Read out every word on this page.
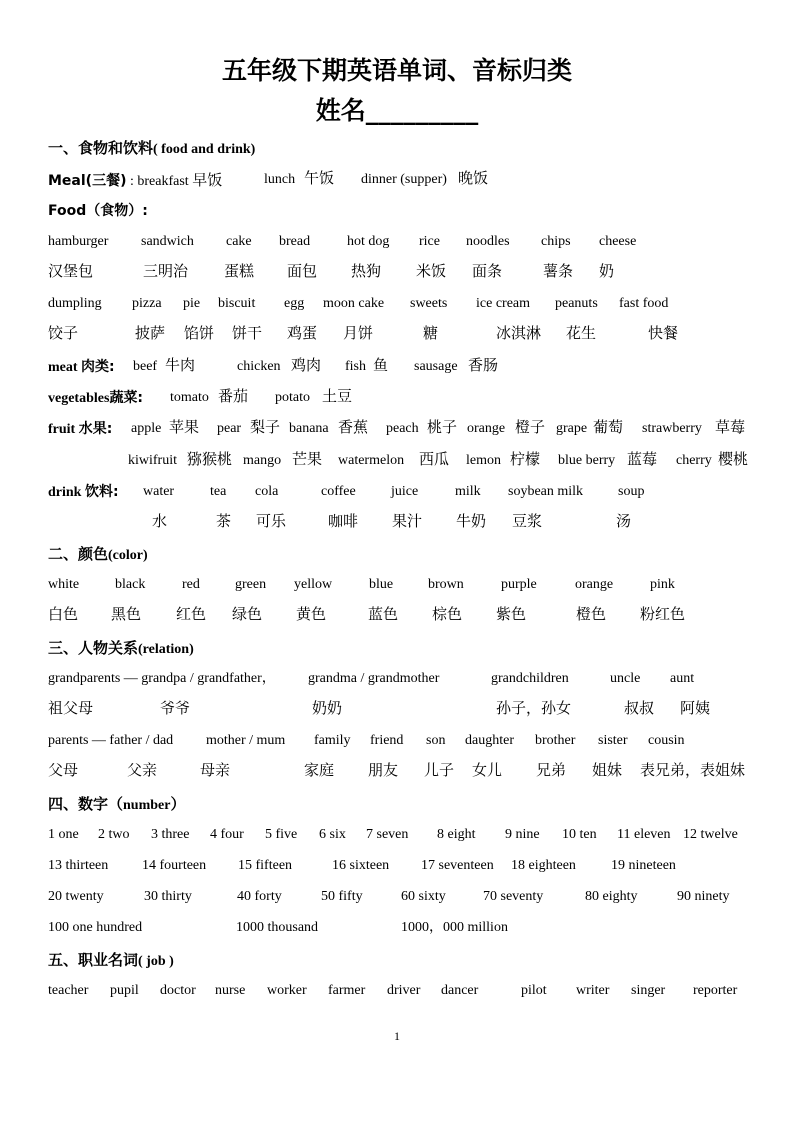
五年级下期英语单词、音标归类
姓名_________
一、食物和饮料( food and drink)
Meal(三餐) : breakfast 早饭	lunch 午饭 dinner (supper) 晚饭
Food（食物）:
hamburger sandwich cake bread	hot dog rice noodles chips cheese
汉堡包	三明治 蛋糕 面包 热狗 米饭 面条	薯条 奶
dumpling pizza pie biscuit egg moon cake sweets ice cream peanuts fast food
饺子	披萨 馅饼 饼干 鸡蛋 月饼	糖	冰淇淋 花生	快餐
meat 肉类: beef 牛肉	chicken 鸡肉 fish 鱼 sausage 香肠
vegetables蔬菜: tomato 番茄 potato 土豆
fruit 水果: apple 苹果 pear 梨子 banana 香蕉 peach 桃子 orange 橙子 grape 葡萄 strawberry 草莓
kiwifruit 猕猴桃 mango 芒果 watermelon 西瓜 lemon 柠檬 blue berry 蓝莓 cherry 樱桃
drink 饮料: water	tea cola	coffee	juice	milk soybean milk soup
水	茶 可乐	咖啡 果汁 牛奶 豆浆	汤
二、颜色(color)
white	black	red	green yellow	blue brown	purple	orange	pink
白色 黑色 红色 绿色 黄色	蓝色 棕色 紫色	橙色 粉红色
三、人物关系(relation)
grandparents — grandpa / grandfather， grandma / grandmother	grandchildren	uncle aunt
祖父母	爷爷	奶奶	孙子，孙女	叔叔 阿姨
parents — father / dad mother / mum family friend son daughter brother sister cousin
父母	父亲	母亲	家庭 朋友 儿子 女儿 兄弟 姐妹 表兄弟，表姐妹
四、数字（number）
1 one 2 two 3 three 4 four 5 five 6 six 7 seven 8 eight 9 nine 10 ten 11 eleven 12 twelve
13 thirteen 14 fourteen 15 fifteen	16 sixteen 17 seventeen 18 eighteen	19 nineteen
20 twenty	30 thirty	40 forty	50 fifty	60 sixty	70 seventy	80 eighty	90 ninety
100 one hundred	1000 thousand	1000，000 million
五、职业名词( job )
teacher pupil doctor nurse worker farmer driver dancer	pilot writer singer reporter
1
